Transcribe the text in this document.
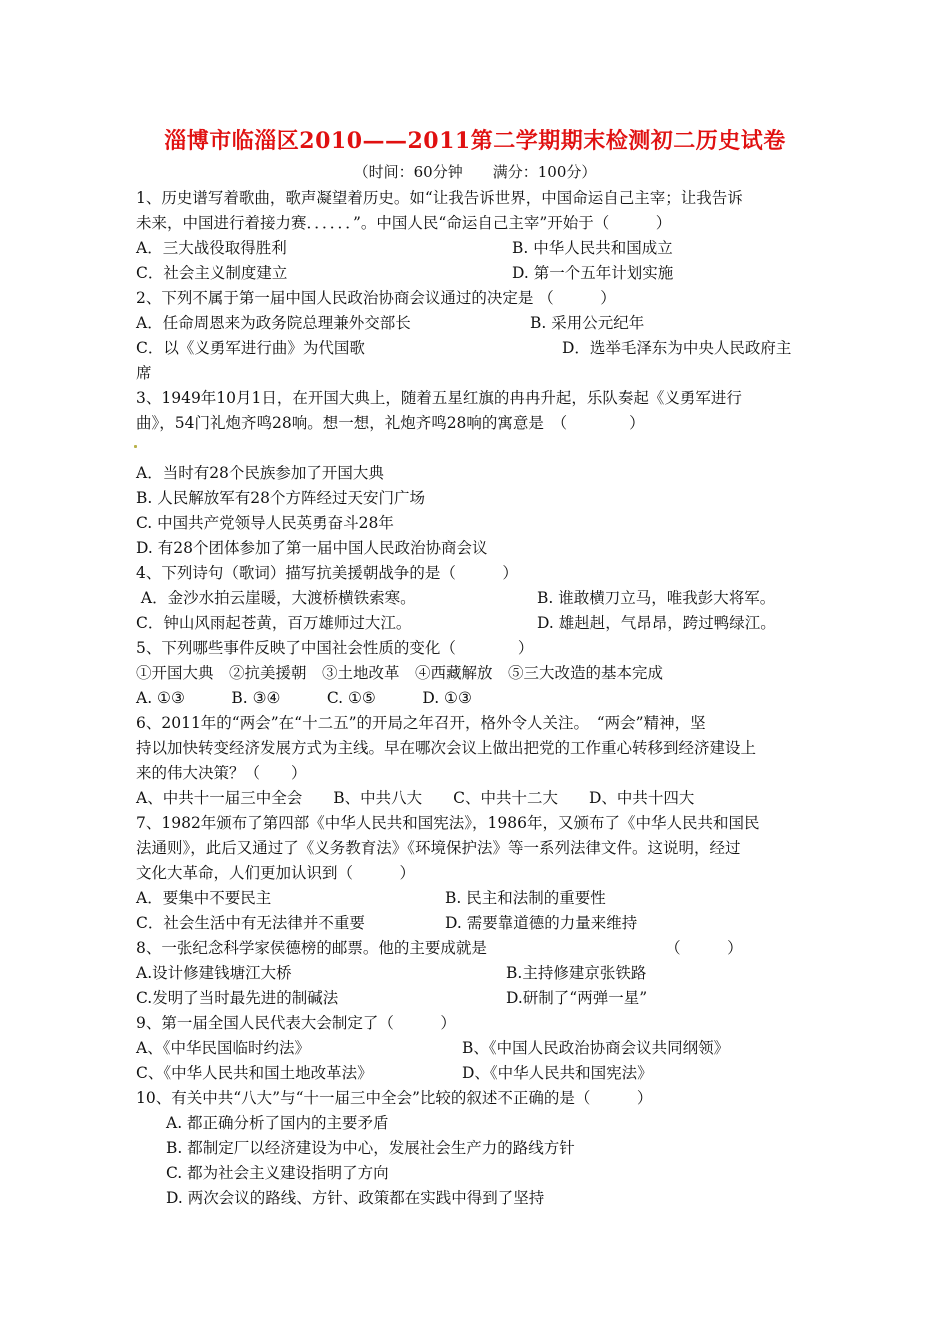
淄博市临淄区2010——2011第二学期期末检测初二历史试卷
（时间：60分钟　　满分：100分）
1、历史谱写着歌曲，歌声凝望着历史。如“让我告诉世界，中国命运自己主宰；让我告诉
未来，中国进行着接力赛．．．．．．”。中国人民“命运自己主宰”开始于（　　　）
A．三大战役取得胜利	B. 中华人民共和国成立
C．社会主义制度建立	D. 第一个五年计划实施
2、下列不属于第一届中国人民政治协商会议通过的决定是 （　　　）
A．任命周恩来为政务院总理兼外交部长	B. 采用公元纪年
C．以《义勇军进行曲》为代国歌	D．选举毛泽东为中央人民政府主
席
3、1949年10月1日，在开国大典上，随着五星红旗的冉冉升起，乐队奏起《义勇军进行
曲》，54门礼炮齐鸣28响。想一想，礼炮齐鸣28响的寓意是　（　　　　）
A．当时有28个民族参加了开国大典
B. 人民解放军有28个方阵经过天安门广场
C. 中国共产党领导人民英勇奋斗28年
D. 有28个团体参加了第一届中国人民政治协商会议
4、下列诗句（歌词）描写抗美援朝战争的是（　　　）
A．金沙水拍云崖暖，大渡桥横铁索寒。	B. 谁敢横刀立马，唯我彭大将军。
C．钟山风雨起苍黄，百万雄师过大江。	D. 雄赳赳，气昂昂，跨过鸭绿江。
5、下列哪些事件反映了中国社会性质的变化（　　　　）
①开国大典　②抗美援朝　③土地改革　④西藏解放　⑤三大改造的基本完成
A. ①③　　　B. ③④　　　C. ①⑤　　　D. ①③
6、2011年的“两会”在“十二五”的开局之年召开，格外令人关注。　“两会”精神，坚
持以加快转变经济发展方式为主线。早在哪次会议上做出把党的工作重心转移到经济建设上
来的伟大决策？（　　）
A、中共十一届三中全会　　B、中共八大　　C、中共十二大　　D、中共十四大
7、1982年颁布了第四部《中华人民共和国宪法》，1986年，又颁布了《中华人民共和国民
法通则》，此后又通过了《义务教育法》《环境保护法》等一系列法律文件。这说明，经过
文化大革命，人们更加认识到（　　　）
A．要集中不要民主	B. 民主和法制的重要性
C．社会生活中有无法律并不重要	D. 需要靠道德的力量来维持
8、一张纪念科学家侯德榜的邮票。他的主要成就是　　　　　　　　　　　　（　　　）
A.设计修建钱塘江大桥	B.主持修建京张铁路
C.发明了当时最先进的制碱法	D.研制了“两弹一星”
9、第一届全国人民代表大会制定了（　　　）
A、《中华民国临时约法》	B、《中国人民政治协商会议共同纲领》
C、《中华人民共和国土地改革法》	D、《中华人民共和国宪法》
10、有关中共“八大”与“十一届三中全会”比较的叙述不正确的是（　　　）
A. 都正确分析了国内的主要矛盾
B. 都制定厂以经济建设为中心，发展社会生产力的路线方针
C. 都为社会主义建设指明了方向
D. 两次会议的路线、方针、政策都在实践中得到了坚持
